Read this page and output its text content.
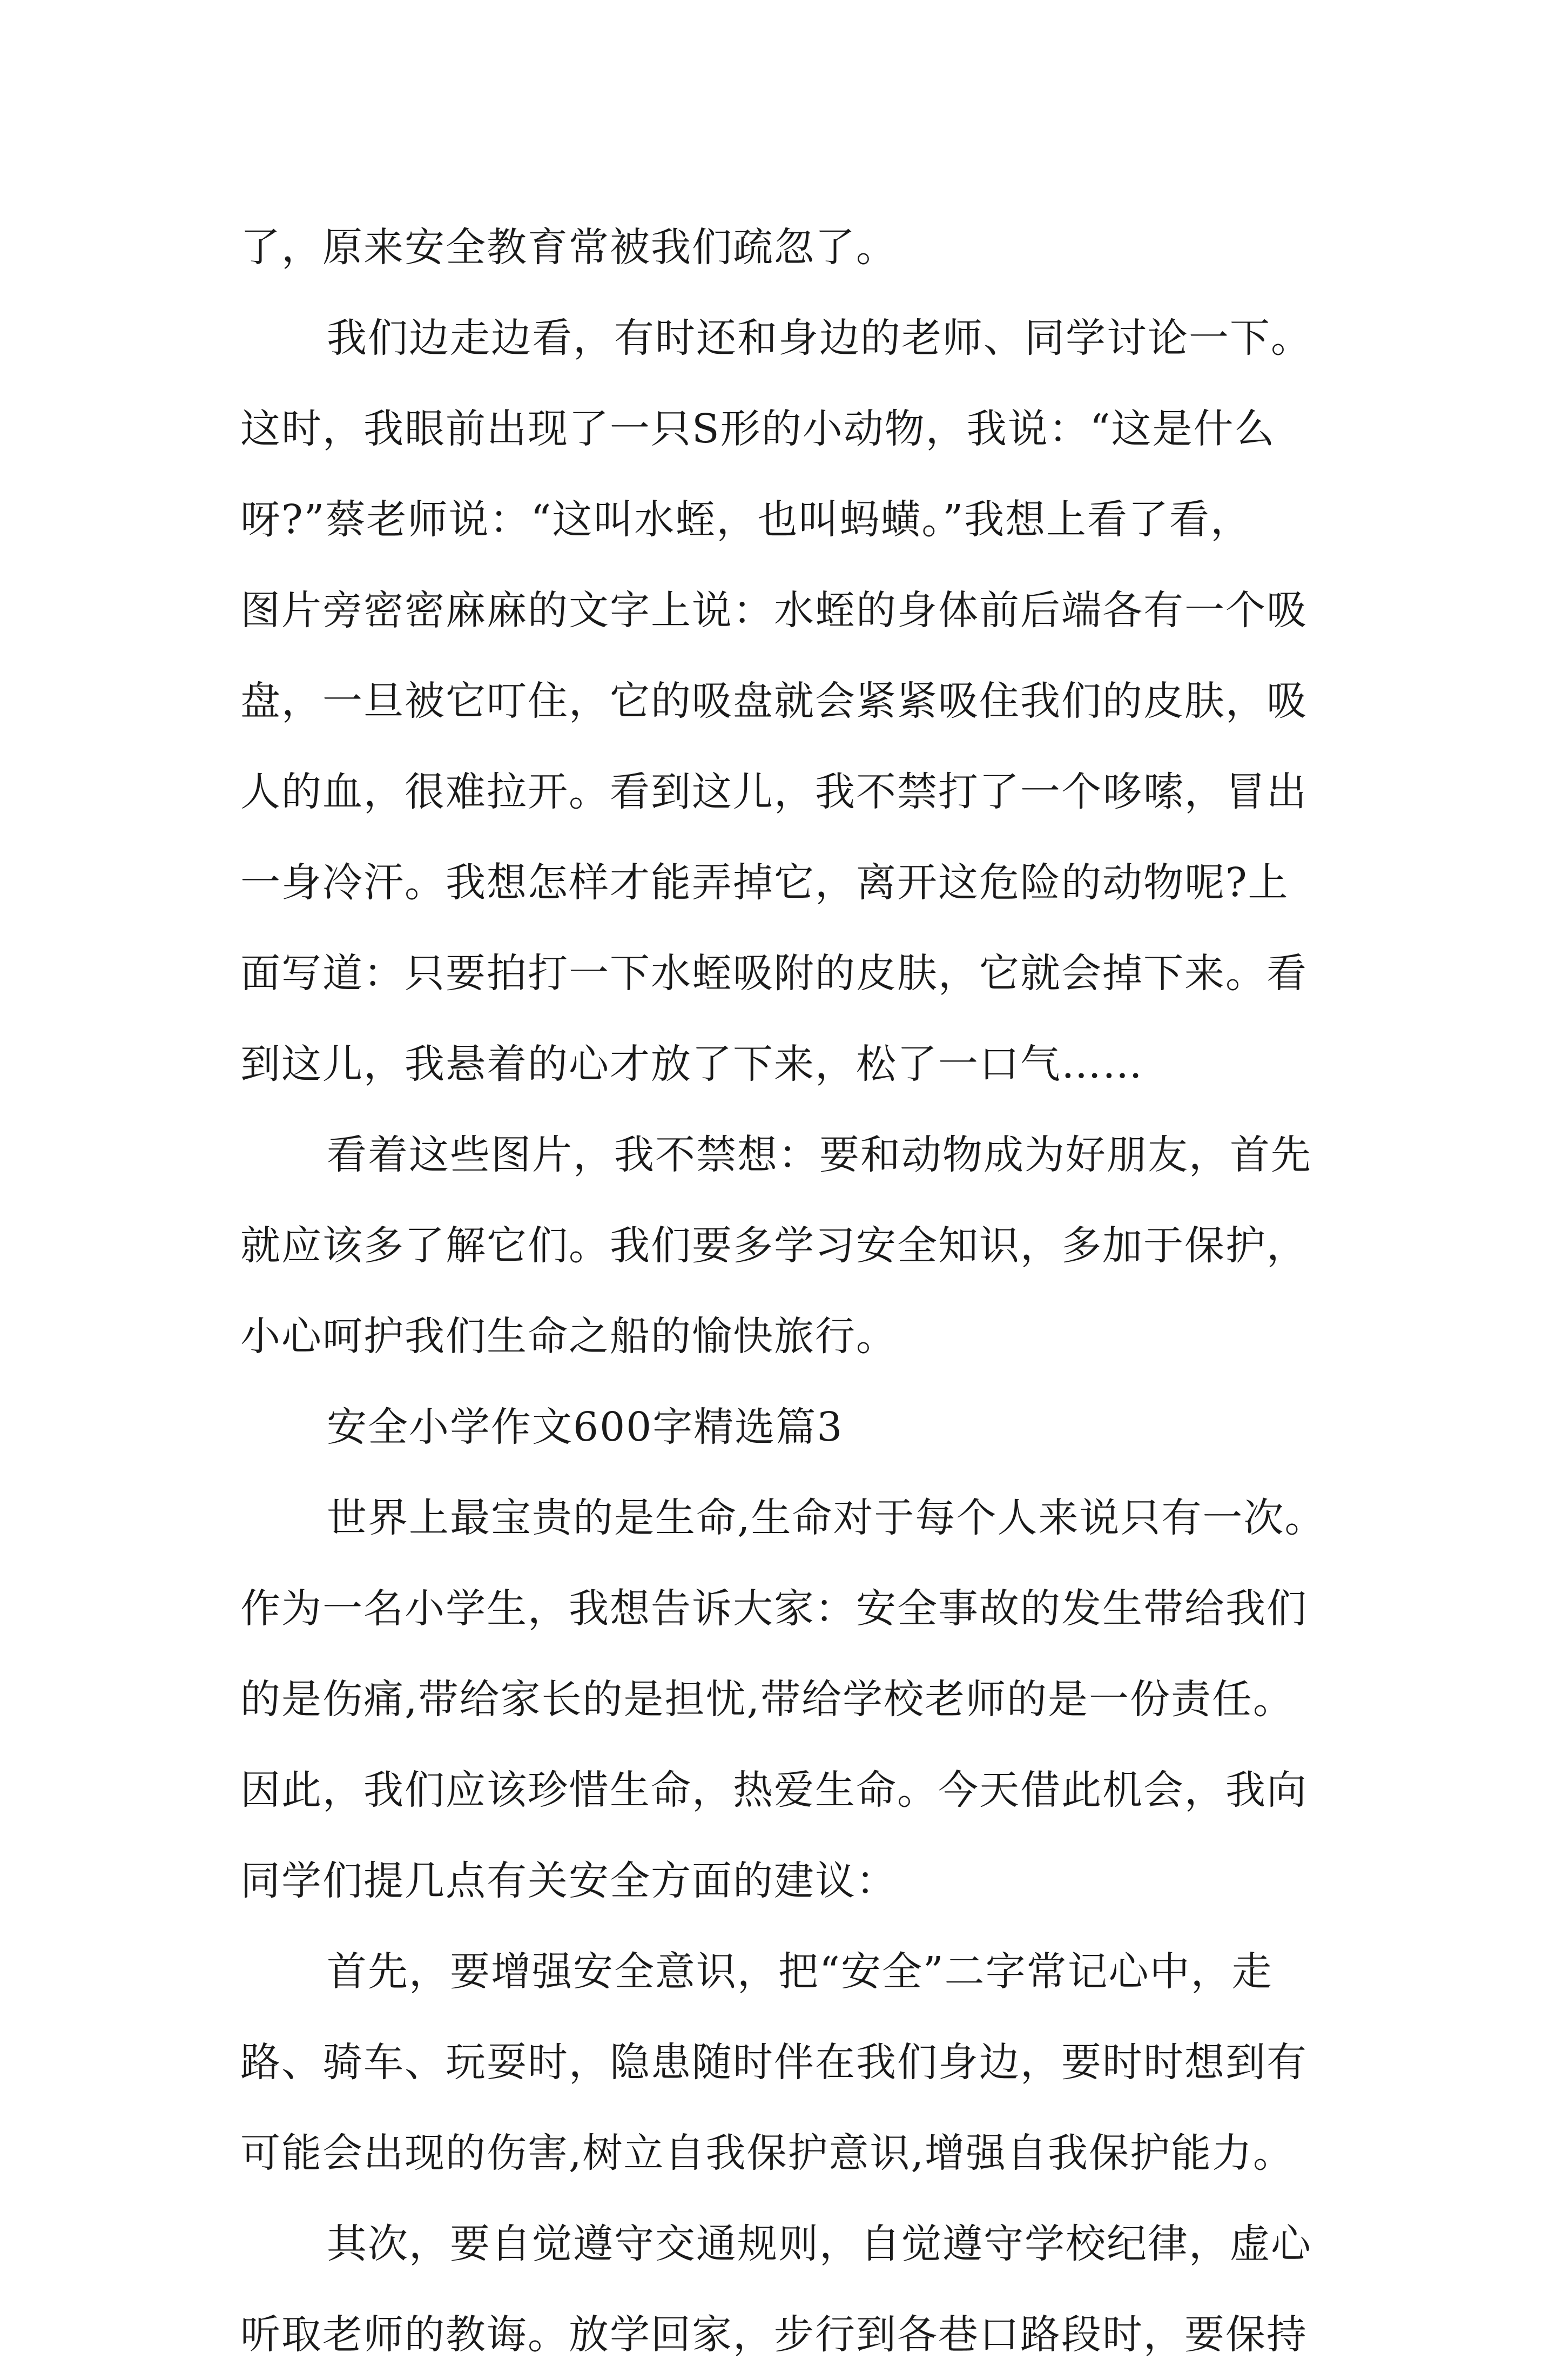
了，原来安全教育常被我们疏忽了。
我们边走边看，有时还和身边的老师、同学讨论一下。
这时，我眼前出现了一只S形的小动物，我说：“这是什么
呀?”蔡老师说：“这叫水蛭，也叫蚂蟥。”我想上看了看，
图片旁密密麻麻的文字上说：水蛭的身体前后端各有一个吸
盘，一旦被它叮住，它的吸盘就会紧紧吸住我们的皮肤，吸
人的血，很难拉开。看到这儿，我不禁打了一个哆嗦，冒出
一身冷汗。我想怎样才能弄掉它，离开这危险的动物呢?上
面写道：只要拍打一下水蛭吸附的皮肤，它就会掉下来。看
到这儿，我悬着的心才放了下来，松了一口气……
看着这些图片，我不禁想：要和动物成为好朋友，首先
就应该多了解它们。我们要多学习安全知识，多加于保护，
小心呵护我们生命之船的愉快旅行。
安全小学作文600字精选篇3
世界上最宝贵的是生命,生命对于每个人来说只有一次。
作为一名小学生，我想告诉大家：安全事故的发生带给我们
的是伤痛,带给家长的是担忧,带给学校老师的是一份责任。
因此，我们应该珍惜生命，热爱生命。今天借此机会，我向
同学们提几点有关安全方面的建议：
首先，要增强安全意识，把“安全”二字常记心中，走
路、骑车、玩耍时，隐患随时伴在我们身边，要时时想到有
可能会出现的伤害,树立自我保护意识,增强自我保护能力。
其次，要自觉遵守交通规则，自觉遵守学校纪律，虚心
听取老师的教诲。放学回家，步行到各巷口路段时，要保持
